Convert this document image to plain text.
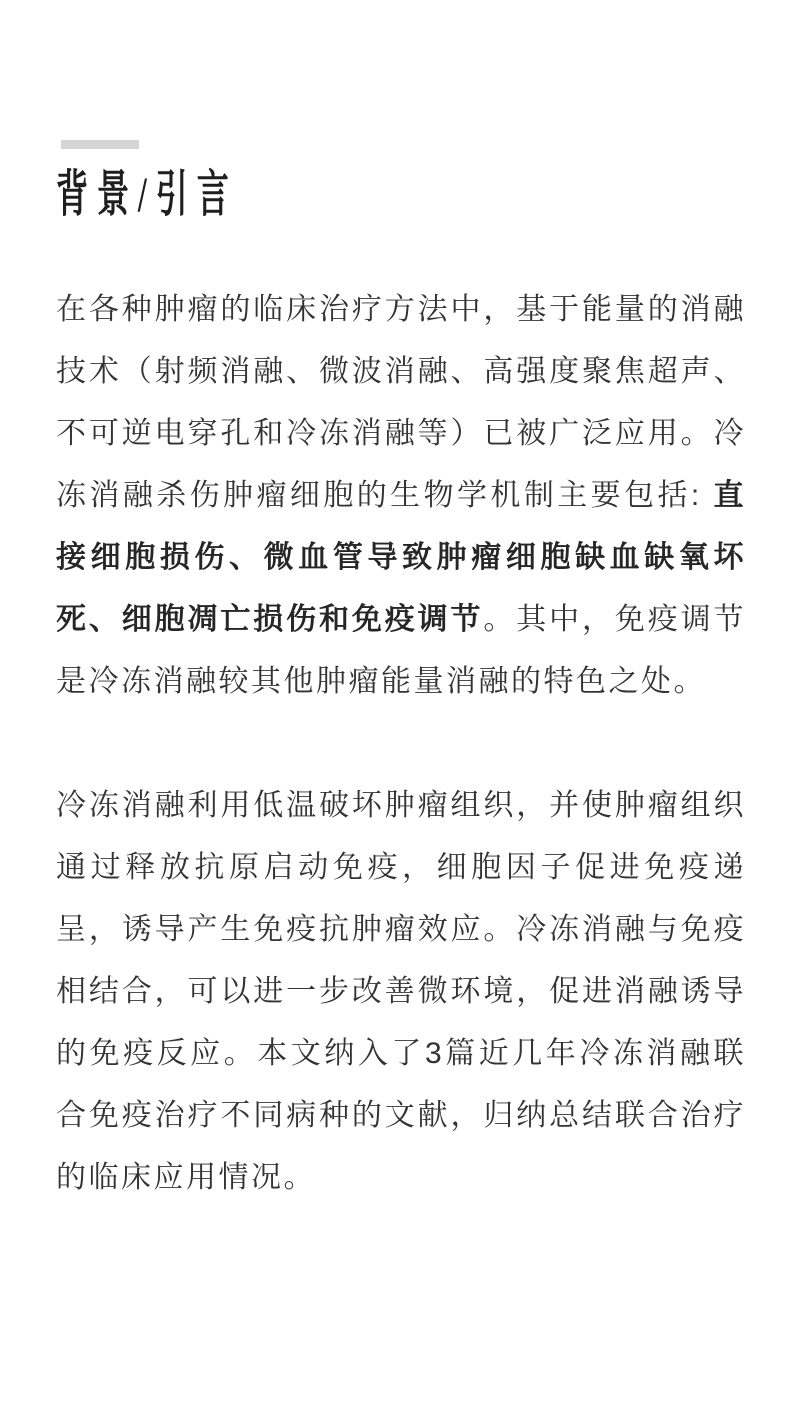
背景/引言

在各种肿瘤的临床治疗方法中，基于能量的消融技术（射频消融、微波消融、高强度聚焦超声、不可逆电穿孔和冷冻消融等）已被广泛应用。冷冻消融杀伤肿瘤细胞的生物学机制主要包括: 直接细胞损伤、微血管导致肿瘤细胞缺血缺氧坏死、细胞凋亡损伤和免疫调节。其中，免疫调节是冷冻消融较其他肿瘤能量消融的特色之处。

冷冻消融利用低温破坏肿瘤组织，并使肿瘤组织通过释放抗原启动免疫，细胞因子促进免疫递呈，诱导产生免疫抗肿瘤效应。冷冻消融与免疫相结合，可以进一步改善微环境，促进消融诱导的免疫反应。本文纳入了3篇近几年冷冻消融联合免疫治疗不同病种的文献，归纳总结联合治疗的临床应用情况。
